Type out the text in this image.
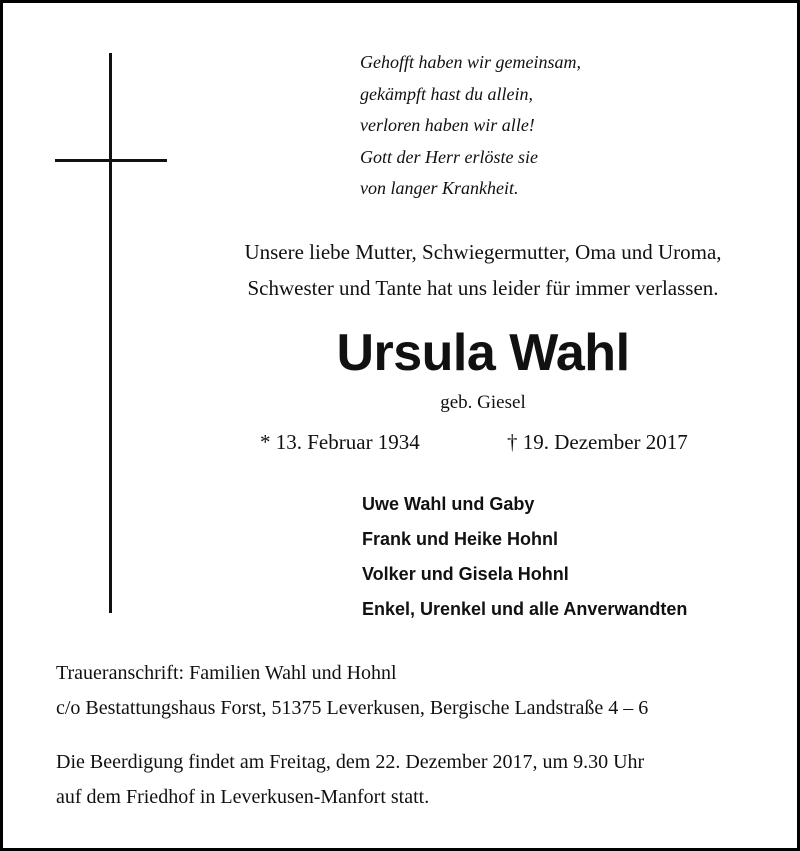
Gehofft haben wir gemeinsam,
gekämpft hast du allein,
verloren haben wir alle!
Gott der Herr erlöste sie
von langer Krankheit.
Unsere liebe Mutter, Schwiegermutter, Oma und Uroma,
Schwester und Tante hat uns leider für immer verlassen.
Ursula Wahl
geb. Giesel
* 13. Februar 1934	† 19. Dezember 2017
Uwe Wahl und Gaby
Frank und Heike Hohnl
Volker und Gisela Hohnl
Enkel, Urenkel und alle Anverwandten
Traueranschrift: Familien Wahl und Hohnl
c/o Bestattungshaus Forst, 51375 Leverkusen, Bergische Landstraße 4 – 6
Die Beerdigung findet am Freitag, dem 22. Dezember 2017, um 9.30 Uhr
auf dem Friedhof in Leverkusen-Manfort statt.
